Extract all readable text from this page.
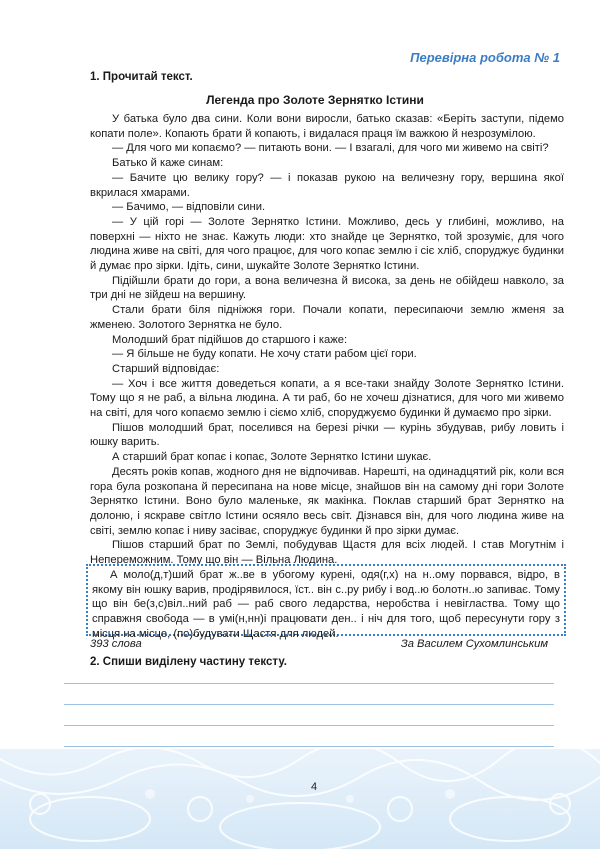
Перевірна робота № 1
1. Прочитай текст.
Легенда про Золоте Зернятко Істини

У батька було два сини. Коли вони виросли, батько сказав: «Беріть заступи, підемо копати поле». Копають брати й копають, і видалася праця їм важкою й незрозумілою.

— Для чого ми копаємо? — питають вони. — І взагалі, для чого ми живемо на світі?

Батько й каже синам:

— Бачите цю велику гору? — і показав рукою на величезну гору, вершина якої вкрилася хмарами.

— Бачимо, — відповіли сини.

— У цій горі — Золоте Зернятко Істини. Можливо, десь у глибині, можливо, на поверхні — ніхто не знає. Кажуть люди: хто знайде це Зернятко, той зрозуміє, для чого людина живе на світі, для чого працює, для чого копає землю і сіє хліб, споруджує будинки й думає про зірки. Ідіть, сини, шукайте Золоте Зернятко Істини.

Підійшли брати до гори, а вона величезна й висока, за день не обійдеш навколо, за три дні не зійдеш на вершину.

Стали брати біля підніжжя гори. Почали копати, пересипаючи землю жменя за жменею. Золотого Зернятка не було.

Молодший брат підійшов до старшого і каже:

— Я більше не буду копати. Не хочу стати рабом цієї гори.

Старший відповідає:

— Хоч і все життя доведеться копати, а я все-таки знайду Золоте Зернятко Істини. Тому що я не раб, а вільна людина. А ти раб, бо не хочеш дізнатися, для чого ми живемо на світі, для чого копаємо землю і сіємо хліб, споруджуємо будинки й думаємо про зірки.

Пішов молодший брат, поселився на березі річки — курінь збудував, рибу ловить і юшку варить.

А старший брат копає і копає, Золоте Зернятко Істини шукає.

Десять років копав, жодного дня не відпочивав. Нарешті, на одинадцятий рік, коли вся гора була розкопана й пересипана на нове місце, знайшов він на самому дні гори Золоте Зернятко Істини. Воно було маленьке, як макінка. Поклав старший брат Зернятко на долоню, і яскраве світло Істини осяяло весь світ. Дізнався він, для чого людина живе на світі, землю копає і ниву засіває, споруджує будинки й про зірки думає.

Пішов старший брат по Землі, побудував Щастя для всіх людей. І став Могутнім і Непереможним. Тому що він — Вільна Людина.

А моло(д,т)ший брат ж..ве в убогому курені, одя(г,х) на н..ому порвався, відро, в якому він юшку варив, продірявилося, їст.. він с..ру рибу і вод..ю болотн..ю запиває. Тому що він бе(з,с)віл..ний раб — раб свого ледарства, неробства і невігластва. Тому що справжня свобода — в умі(н,нн)і працювати ден.. і ніч для того, щоб пересунути гору з місця на місце, (по)будувати Щастя для людей.

393 слова	За Василем Сухомлинським
2. Спиши виділену частину тексту.
4
